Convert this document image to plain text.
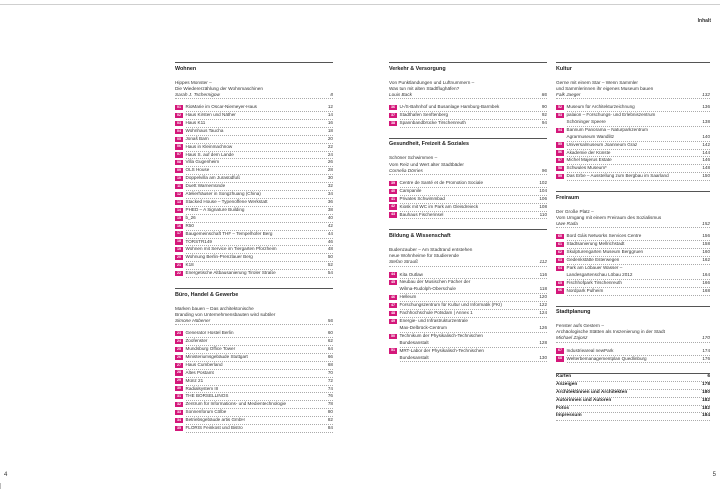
Inhalt
Wohnen
Hippes Monster –
Die Wiedererzählung der Wohnmaschinen
Sarah J. Tschernigow	8
01 RioMarie im Oscar-Niemeyer-Haus	12
02 Haus Kirsten und Näther	14
03 Haus K11	16
04 Wohnhaus Taucha	18
05 Jonaš Barn	20
06 Haus in Kleinmachnow	22
07 Haus S. auf dem Lande	24
08 Villa Gugenheim	26
09 OLS House	28
10 Doppelvilla am Jurasüdfuß	30
11 Duett Warnemünde	32
12 Atelierhäuser in Songzhuang (China)	34
13 Stacked House – Typenoffene Werkstatt	36
14 PHED – A Signature Building	38
15 b_26	40
16 R50	42
17 Baugemeinschaft THF – Tempelhofer Berg	44
18 TORSTR149	46
19 Wohnen mit Service im Tiergarten Pforzheim	48
20 Wohnung Berlin-Prenzlauer Berg	50
21 K18	52
22 Energetische Altbausanierung Tiroler Straße	54
Büro, Handel & Gewerbe
Marken bauen – Das architektonische
Branding von Unternehmensbauten wird subtiler
Simone Hübener	56
23 Generator Hostel Berlin	60
24 Zoofenster	62
25 Mundsburg Office Tower	64
26 Ministeriumsgebäude Stuttgart	66
27 Haus Cumberland	68
28 Altes Postamt	70
29 Münz 21	72
30 Radialsystem III	74
31 THE BORSELLINOS	76
32 Zentrum für Informations- und Medientechnologie	78
33 Sonnenforum Cölbe	80
34 Betriebsgebäude artis GmbH	82
35 FLORIS Feinkost und Bistro	84
Verkehr & Versorgung
Von Punktlandungen und Luftnummern –
Was tun mit alten Stadtflughäfen?
Louis Back	86
36 U-/S-Bahnhof und Busanlage Hamburg-Barmbek	90
37 Stadthafen Senftenberg	92
38 Spannbandbrücke Tirschenreuth	94
Gesundheit, Freizeit & Soziales
Schöner Schwimmen –
Vom Reiz und Wert alter Stadtbäder
Cornelia Dörries	96
39 Centre de Santé et de Promotion Sociale	102
40 Campanile	104
41 Privates Schwimmbad	106
42 Kiosk mit WC im Park am Gleisdreieck	108
43 Bauhaus Fischerinsel	110
Bildung & Wissenschaft
Budenzauber – Am Stadtrand entstehen
neue Wohnheime für Studierende
Stefan Strauß	112
44 Kita Outlaw	116
45 Neubau der Musischen Fächer der
Wilma-Rudolph-Oberschule	118
46 Helleum	120
47 Forschungszentrum für Kultur und Informatik (FKI)	122
48 Fachhochschule Potsdam | Annex 1	124
49 Energie- und Infrastrukturzentrale
Max-Delbrück-Centrum	126
50 Technikum der Physikalisch-Technischen
Bundesanstalt	128
51 MRT-Labor der Physikalisch-Technischen
Bundesanstalt	130
Kultur
Gerne mit einem Star – Wenn Sammler
und Sammlerinnen ihr eigenes Museum bauen
Falk Jaeger	132
52 Museum für Architekturzeichnung	136
53 palaion – Forschungs- und Erlebniszentrum
Schöninger Speere	138
54 Bannum Panorama – Naturparkzentrum
Agrarmuseum Wandlitz	140
55 Universalmuseum Joanneum Graz	142
56 Akademie der Künste	144
57 Michel Majerus Estate	146
58 Schwules Museum*	148
59 Das Erbe – Ausstellung zum Bergbau im Saarland	150
Freiraum
Der Große Platz –
Vom Umgang mit einem Freiraum des Sozialismus
Uwe Rada	152
60 Bord Gáis Networks Services Centre	156
61 Stadtsanierung Mellrichstadt	158
62 Skulpturengarten Museum Berggruen	160
63 Gedenkstätte Esterwegen	162
64 Park am Löbauer Wasser –
Landesgartenschau Löbau 2012	164
65 Fischhofpark Tirschenreuth	166
66 Nordpark Pulheim	168
Stadtplanung
Fenster aufs Gestern –
Archäologische Stätten als Inszenierung in der Stadt
Michael Zajonz	170
67 Industrieareal newPark	174
68 Welterbemanagementplan Quedlinburg	176
Karten	6
Anzeigen	178
Architektinnen und Architekten	180
Autorinnen und Autoren	182
Fotos	182
Impressum	184
4	5
